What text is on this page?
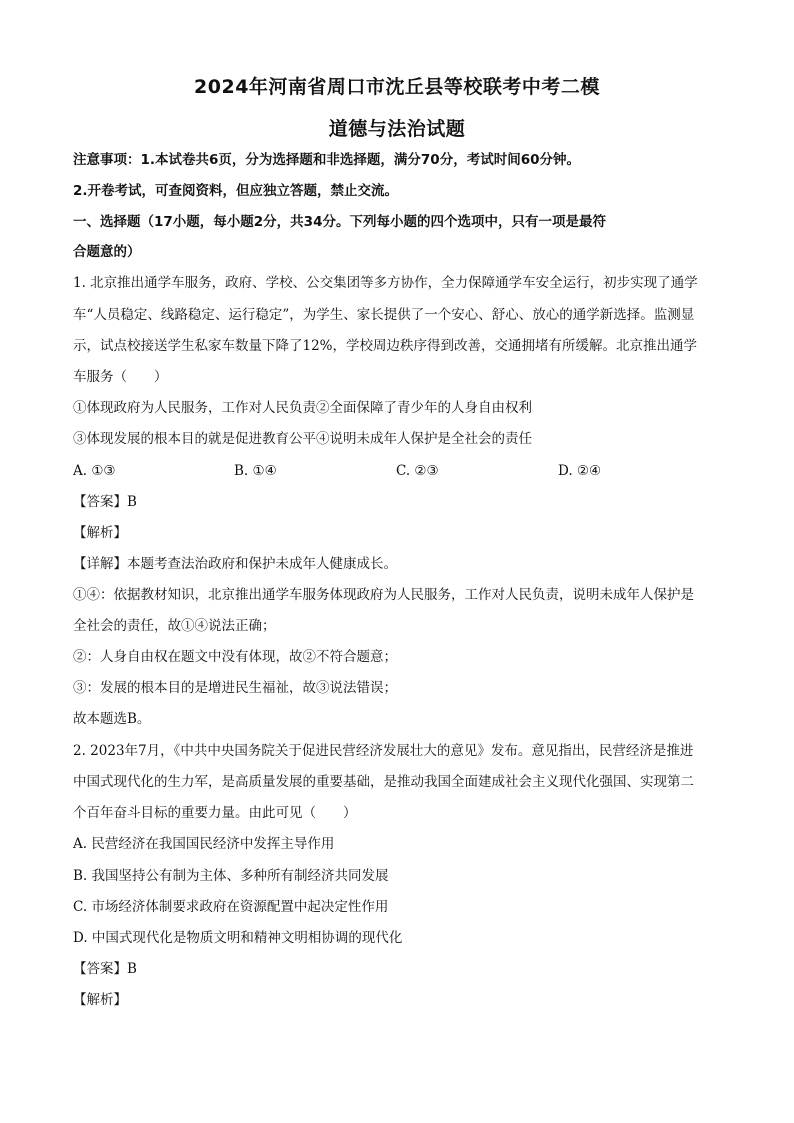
2024年河南省周口市沈丘县等校联考中考二模
道德与法治试题
注意事项：1.本试卷共6页，分为选择题和非选择题，满分70分，考试时间60分钟。
2.开卷考试，可查阅资料，但应独立答题，禁止交流。
一、选择题（17小题，每小题2分，共34分。下列每小题的四个选项中，只有一项是最符
合题意的）
1. 北京推出通学车服务，政府、学校、公交集团等多方协作，全力保障通学车安全运行，初步实现了通学
车“人员稳定、线路稳定、运行稳定”，为学生、家长提供了一个安心、舒心、放心的通学新选择。监测显
示，试点校接送学生私家车数量下降了12%，学校周边秩序得到改善，交通拥堵有所缓解。北京推出通学
车服务（　　）
①体现政府为人民服务，工作对人民负责②全面保障了青少年的人身自由权利
③体现发展的根本目的就是促进教育公平④说明未成年人保护是全社会的责任
A. ①③	B. ①④	C. ②③	D. ②④
【答案】B
【解析】
【详解】本题考查法治政府和保护未成年人健康成长。
①④：依据教材知识，北京推出通学车服务体现政府为人民服务，工作对人民负责，说明未成年人保护是
全社会的责任，故①④说法正确；
②：人身自由权在题文中没有体现，故②不符合题意；
③：发展的根本目的是增进民生福祉，故③说法错误；
故本题选B。
2. 2023年7月，《中共中央国务院关于促进民营经济发展壮大的意见》发布。意见指出，民营经济是推进
中国式现代化的生力军，是高质量发展的重要基础，是推动我国全面建成社会主义现代化强国、实现第二
个百年奋斗目标的重要力量。由此可见（　　）
A. 民营经济在我国国民经济中发挥主导作用
B. 我国坚持公有制为主体、多种所有制经济共同发展
C. 市场经济体制要求政府在资源配置中起决定性作用
D. 中国式现代化是物质文明和精神文明相协调的现代化
【答案】B
【解析】
